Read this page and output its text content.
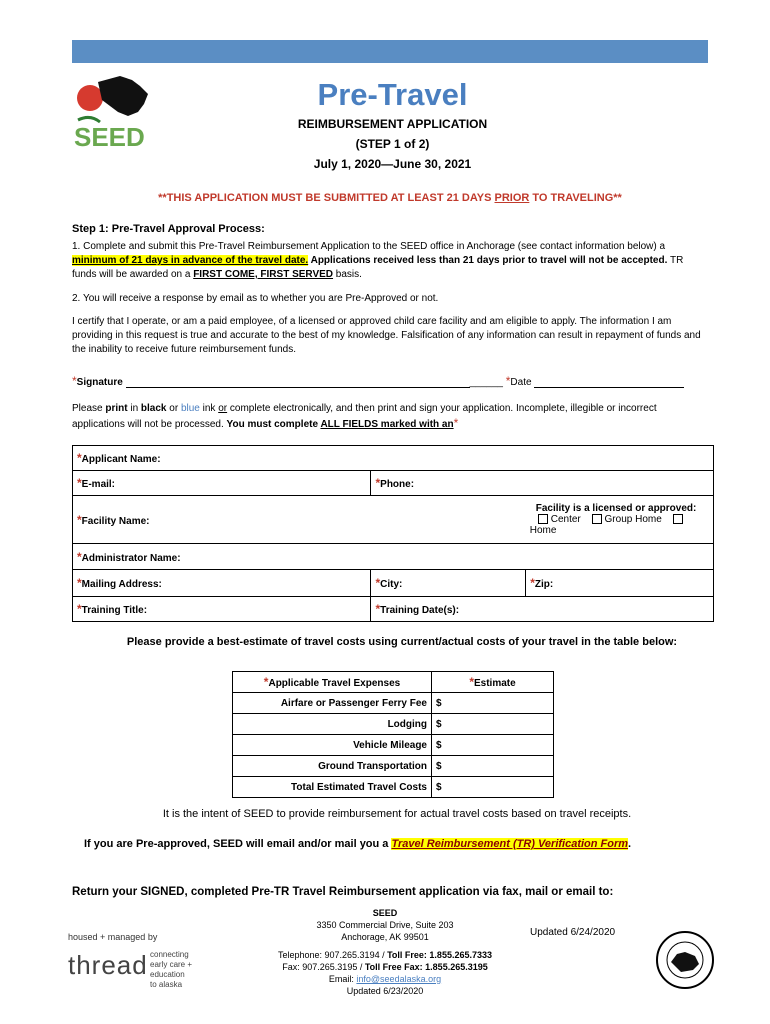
SEED
Pre-Travel
REIMBURSEMENT APPLICATION
(STEP 1 of 2)
July 1, 2020—June 30, 2021
**THIS APPLICATION MUST BE SUBMITTED AT LEAST 21 DAYS PRIOR TO TRAVELING**
Step 1: Pre-Travel Approval Process:
1. Complete and submit this Pre-Travel Reimbursement Application to the SEED office in Anchorage (see contact information below) a minimum of 21 days in advance of the travel date. Applications received less than 21 days prior to travel will not be accepted. TR funds will be awarded on a FIRST COME, FIRST SERVED basis.
2. You will receive a response by email as to whether you are Pre-Approved or not.
I certify that I operate, or am a paid employee, of a licensed or approved child care facility and am eligible to apply. The information I am providing in this request is true and accurate to the best of my knowledge. Falsification of any information can result in repayment of funds and the inability to receive future reimbursement funds.
*Signature	______ *Date
Please print in black or blue ink or complete electronically, and then print and sign your application. Incomplete, illegible or incorrect applications will not be processed. You must complete ALL FIELDS marked with an*
*Applicant Name:		
*E-mail:	*Phone:	
*Facility Name:		Facility is a licensed or approved:
Center Group Home Home

*Administrator Name:		
*Mailing Address:	*City:	*Zip:
*Training Title:	*Training Date(s):	
Please provide a best-estimate of travel costs using current/actual costs of your travel in the table below:
*Applicable Travel Expenses	*Estimate
Airfare or Passenger Ferry Fee	$
Lodging	$
Vehicle Mileage	$
Ground Transportation	$
Total Estimated Travel Costs	$
It is the intent of SEED to provide reimbursement for actual travel costs based on travel receipts.
If you are Pre-approved, SEED will email and/or mail you a Travel Reimbursement (TR) Verification Form.
Return your SIGNED, completed Pre-TR Travel Reimbursement application via fax, mail or email to:
SEED
3350 Commercial Drive, Suite 203
Anchorage, AK 99501
Telephone: 907.265.3194 / Toll Free: 1.855.265.7333
Fax: 907.265.3195 / Toll Free Fax: 1.855.265.3195
Email: info@seedalaska.org
Updated 6/23/2020
Updated 6/24/2020
housed + managed by
thread connecting
early care + education
to alaska
